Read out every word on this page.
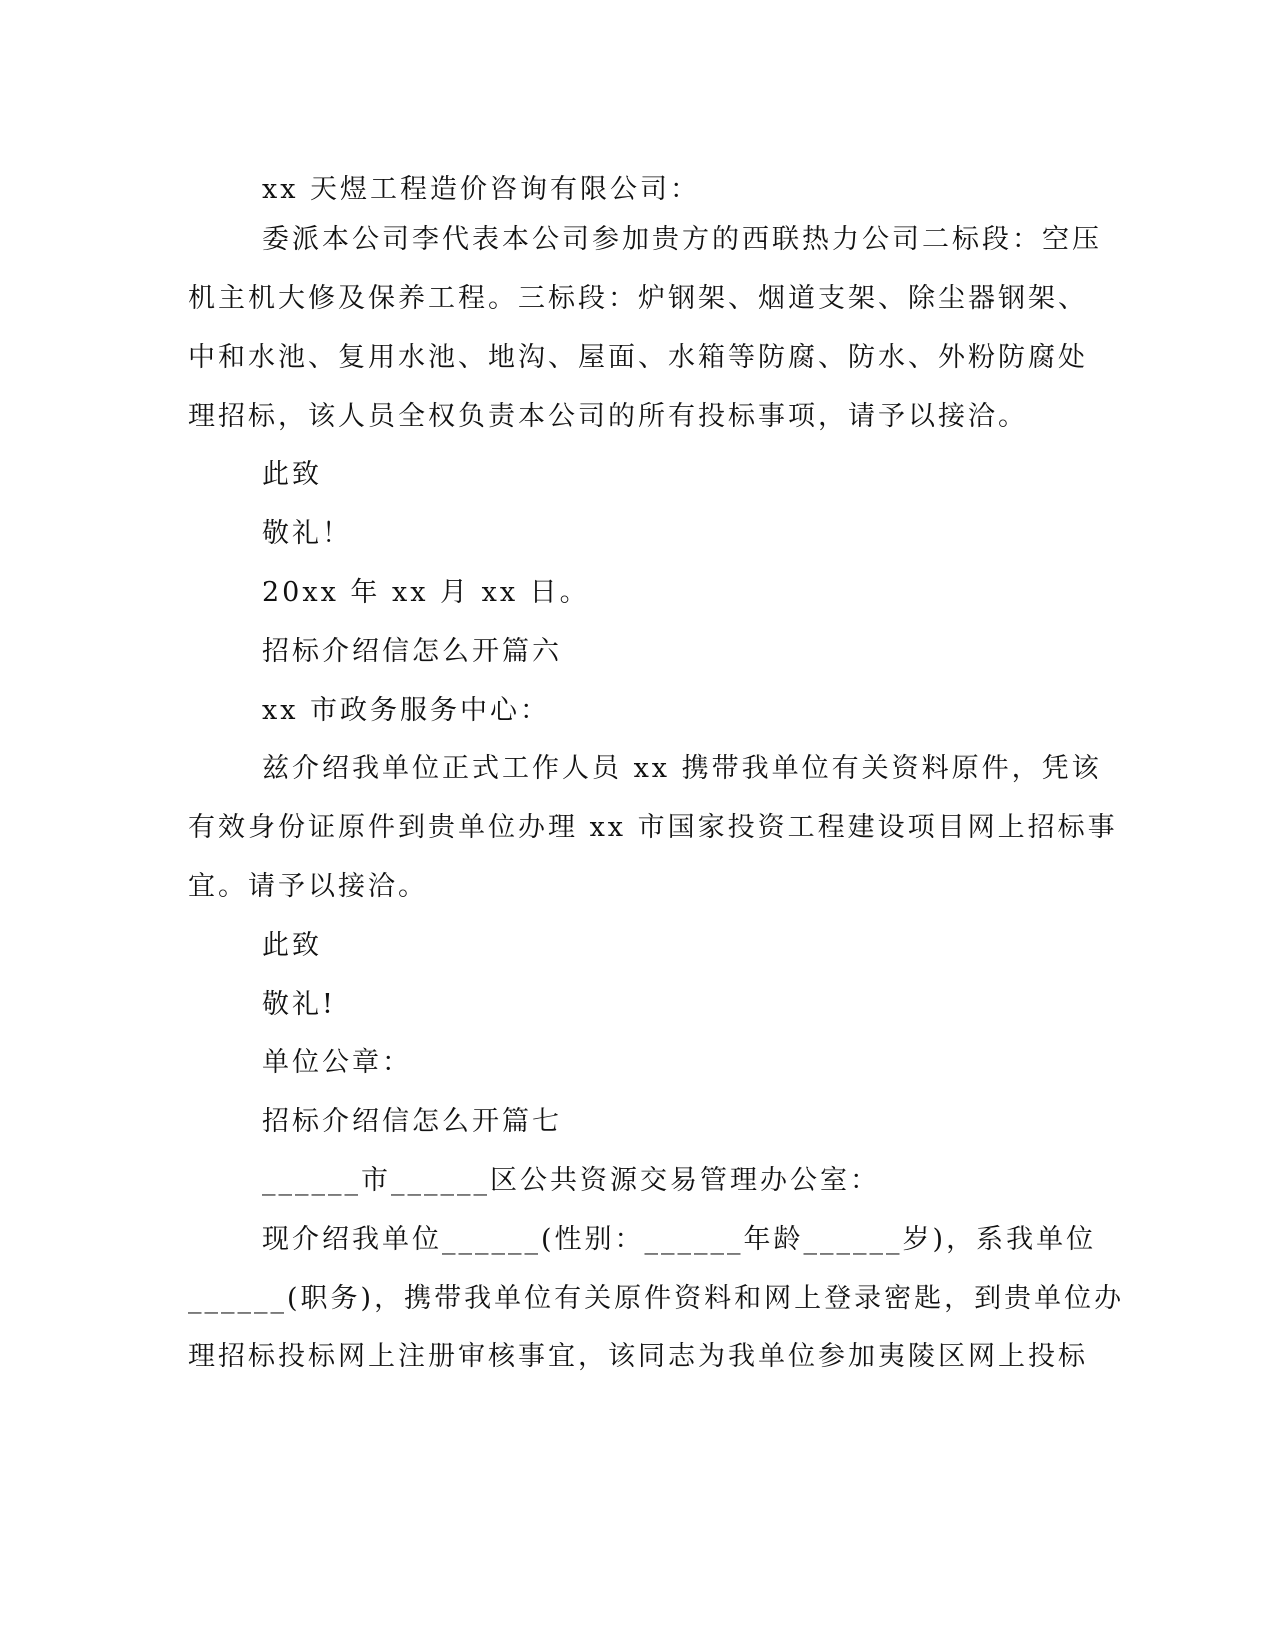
xx 天煜工程造价咨询有限公司：
委派本公司李代表本公司参加贵方的西联热力公司二标段：空压
机主机大修及保养工程。三标段：炉钢架、烟道支架、除尘器钢架、
中和水池、复用水池、地沟、屋面、水箱等防腐、防水、外粉防腐处
理招标，该人员全权负责本公司的所有投标事项，请予以接洽。
此致
敬礼！
20xx 年 xx 月 xx 日。
招标介绍信怎么开篇六
xx 市政务服务中心：
兹介绍我单位正式工作人员 xx 携带我单位有关资料原件，凭该
有效身份证原件到贵单位办理 xx 市国家投资工程建设项目网上招标事
宜。请予以接洽。
此致
敬礼!
单位公章：
招标介绍信怎么开篇七
______市______区公共资源交易管理办公室：
现介绍我单位______(性别：______年龄______岁)，系我单位
______(职务)，携带我单位有关原件资料和网上登录密匙，到贵单位办
理招标投标网上注册审核事宜，该同志为我单位参加夷陵区网上投标
